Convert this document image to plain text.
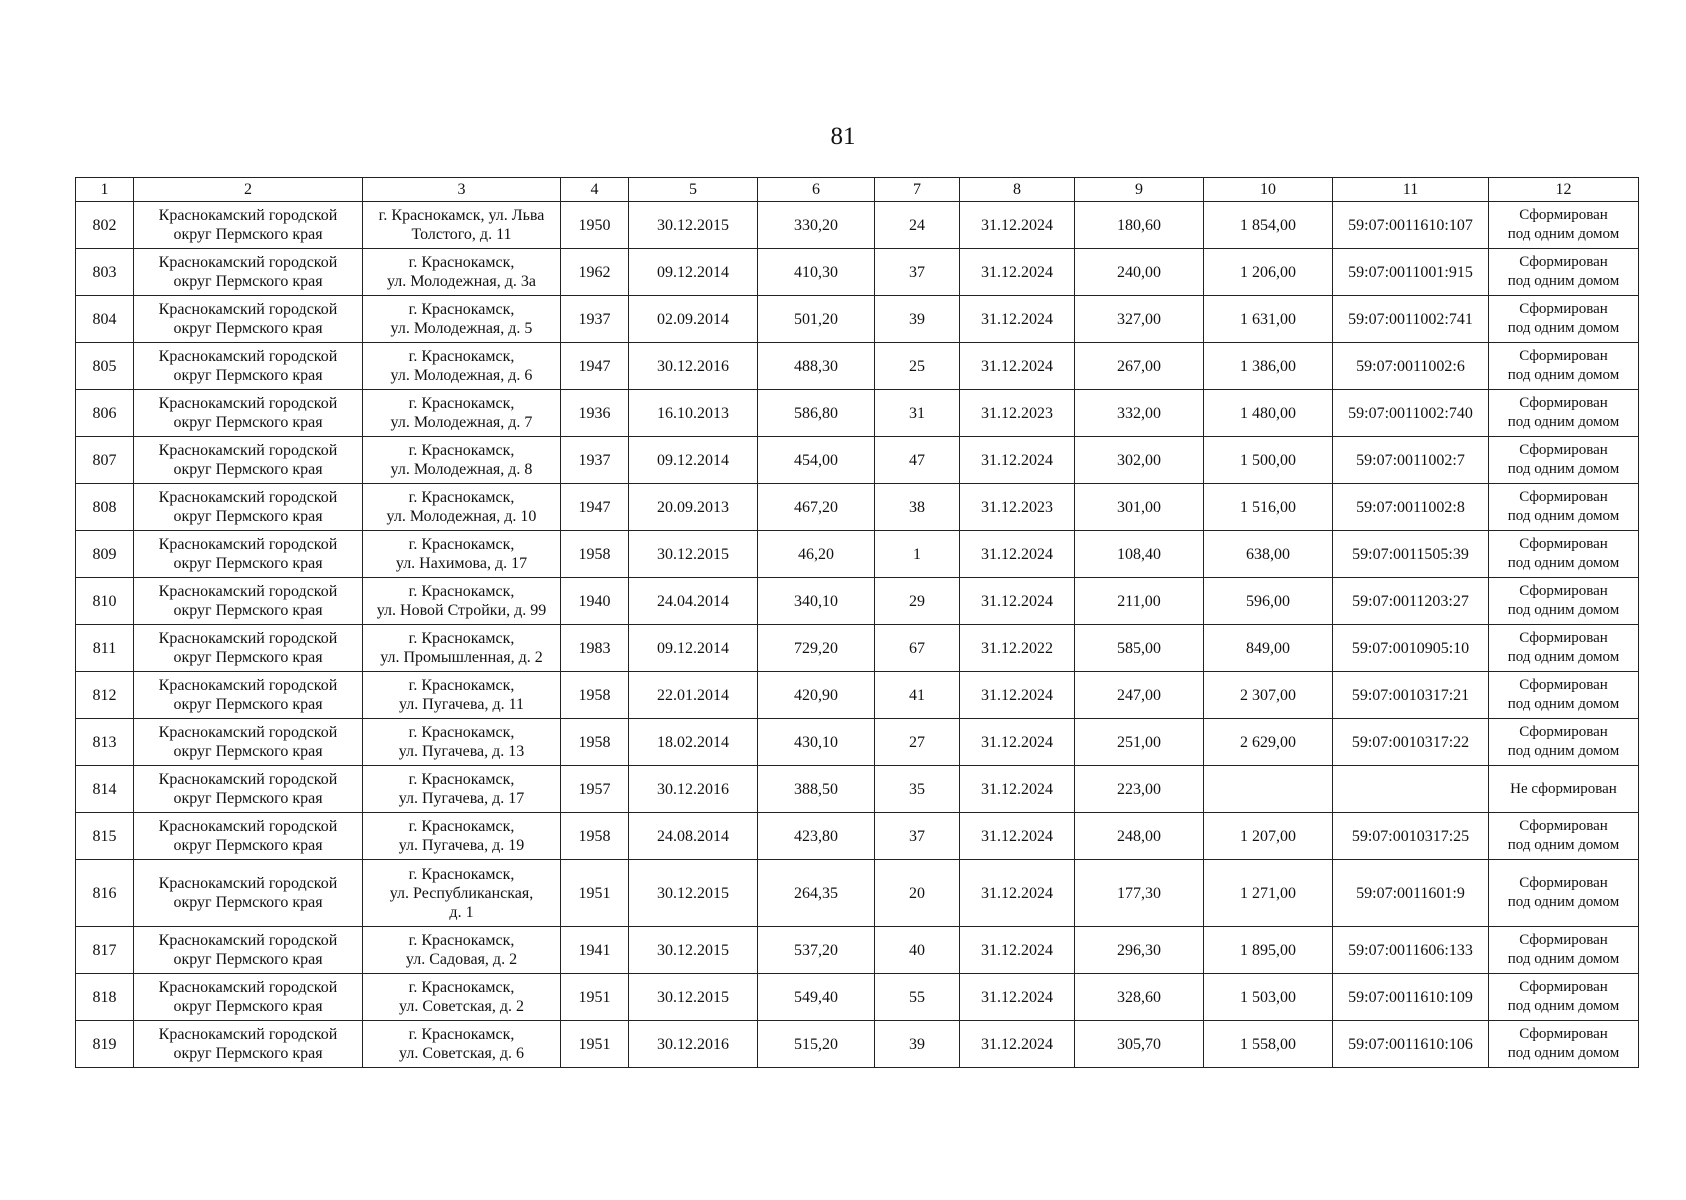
81
1	2	3	4	5	6	7	8	9	10	11	12
802	Краснокамский городской
округ Пермского края	г. Краснокамск, ул. Льва
Толстого, д. 11	1950	30.12.2015	330,20	24	31.12.2024	180,60	1 854,00	59:07:0011610:107	Сформирован
под одним домом
803	Краснокамский городской
округ Пермского края	г. Краснокамск,
ул. Молодежная, д. 3а	1962	09.12.2014	410,30	37	31.12.2024	240,00	1 206,00	59:07:0011001:915	Сформирован
под одним домом
804	Краснокамский городской
округ Пермского края	г. Краснокамск,
ул. Молодежная, д. 5	1937	02.09.2014	501,20	39	31.12.2024	327,00	1 631,00	59:07:0011002:741	Сформирован
под одним домом
805	Краснокамский городской
округ Пермского края	г. Краснокамск,
ул. Молодежная, д. 6	1947	30.12.2016	488,30	25	31.12.2024	267,00	1 386,00	59:07:0011002:6	Сформирован
под одним домом
806	Краснокамский городской
округ Пермского края	г. Краснокамск,
ул. Молодежная, д. 7	1936	16.10.2013	586,80	31	31.12.2023	332,00	1 480,00	59:07:0011002:740	Сформирован
под одним домом
807	Краснокамский городской
округ Пермского края	г. Краснокамск,
ул. Молодежная, д. 8	1937	09.12.2014	454,00	47	31.12.2024	302,00	1 500,00	59:07:0011002:7	Сформирован
под одним домом
808	Краснокамский городской
округ Пермского края	г. Краснокамск,
ул. Молодежная, д. 10	1947	20.09.2013	467,20	38	31.12.2023	301,00	1 516,00	59:07:0011002:8	Сформирован
под одним домом
809	Краснокамский городской
округ Пермского края	г. Краснокамск,
ул. Нахимова, д. 17	1958	30.12.2015	46,20	1	31.12.2024	108,40	638,00	59:07:0011505:39	Сформирован
под одним домом
810	Краснокамский городской
округ Пермского края	г. Краснокамск,
ул. Новой Стройки, д. 99	1940	24.04.2014	340,10	29	31.12.2024	211,00	596,00	59:07:0011203:27	Сформирован
под одним домом
811	Краснокамский городской
округ Пермского края	г. Краснокамск,
ул. Промышленная, д. 2	1983	09.12.2014	729,20	67	31.12.2022	585,00	849,00	59:07:0010905:10	Сформирован
под одним домом
812	Краснокамский городской
округ Пермского края	г. Краснокамск,
ул. Пугачева, д. 11	1958	22.01.2014	420,90	41	31.12.2024	247,00	2 307,00	59:07:0010317:21	Сформирован
под одним домом
813	Краснокамский городской
округ Пермского края	г. Краснокамск,
ул. Пугачева, д. 13	1958	18.02.2014	430,10	27	31.12.2024	251,00	2 629,00	59:07:0010317:22	Сформирован
под одним домом
814	Краснокамский городской
округ Пермского края	г. Краснокамск,
ул. Пугачева, д. 17	1957	30.12.2016	388,50	35	31.12.2024	223,00			Не сформирован
815	Краснокамский городской
округ Пермского края	г. Краснокамск,
ул. Пугачева, д. 19	1958	24.08.2014	423,80	37	31.12.2024	248,00	1 207,00	59:07:0010317:25	Сформирован
под одним домом
816	Краснокамский городской
округ Пермского края	г. Краснокамск,
ул. Республиканская,
д. 1	1951	30.12.2015	264,35	20	31.12.2024	177,30	1 271,00	59:07:0011601:9	Сформирован
под одним домом
817	Краснокамский городской
округ Пермского края	г. Краснокамск,
ул. Садовая, д. 2	1941	30.12.2015	537,20	40	31.12.2024	296,30	1 895,00	59:07:0011606:133	Сформирован
под одним домом
818	Краснокамский городской
округ Пермского края	г. Краснокамск,
ул. Советская, д. 2	1951	30.12.2015	549,40	55	31.12.2024	328,60	1 503,00	59:07:0011610:109	Сформирован
под одним домом
819	Краснокамский городской
округ Пермского края	г. Краснокамск,
ул. Советская, д. 6	1951	30.12.2016	515,20	39	31.12.2024	305,70	1 558,00	59:07:0011610:106	Сформирован
под одним домом
